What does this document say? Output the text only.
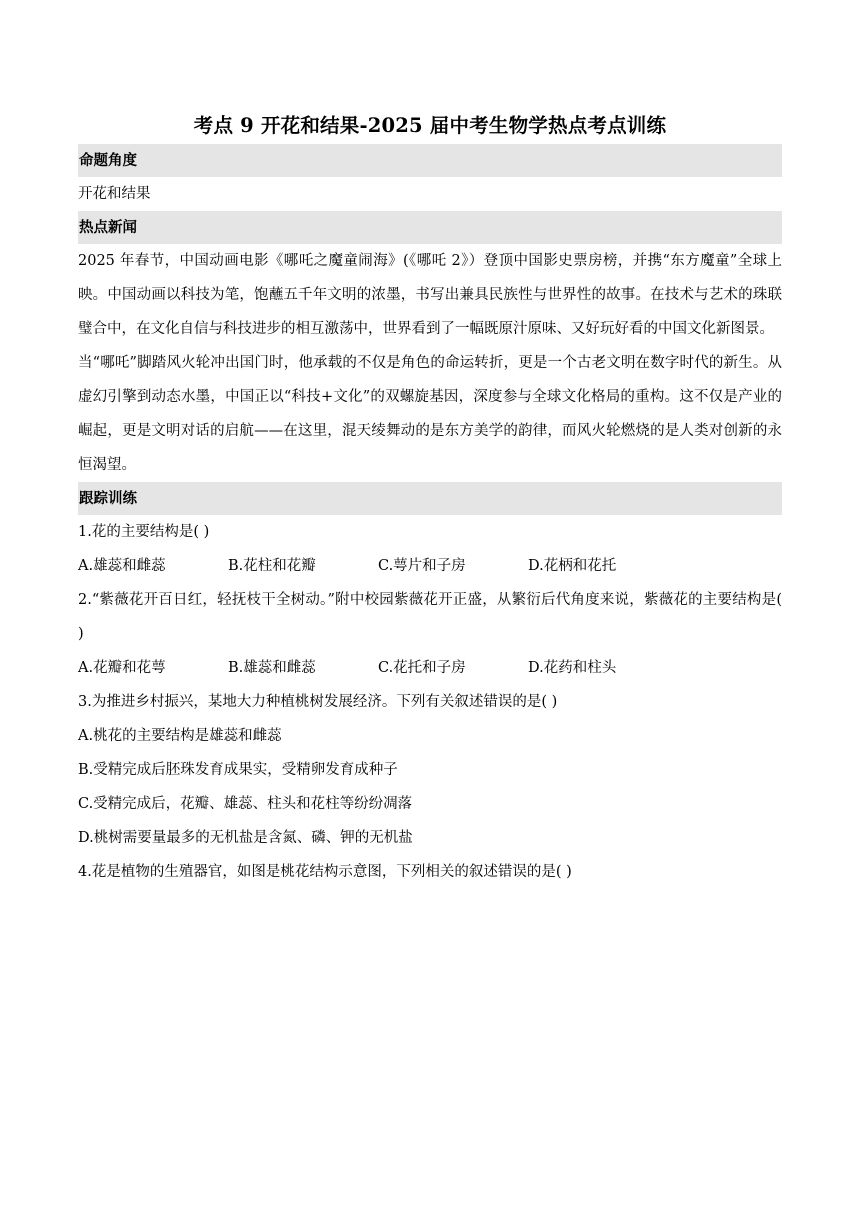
考点 9 开花和结果-2025 届中考生物学热点考点训练
命题角度
开花和结果
热点新闻
2025 年春节，中国动画电影《哪吒之魔童闹海》(《哪吒 2》）登顶中国影史票房榜，并携“东方魔童”全球上映。中国动画以科技为笔，饱蘸五千年文明的浓墨，书写出兼具民族性与世界性的故事。在技术与艺术的珠联璧合中，在文化自信与科技进步的相互激荡中，世界看到了一幅既原汁原味、又好玩好看的中国文化新图景。
当“哪吒”脚踏风火轮冲出国门时，他承载的不仅是角色的命运转折，更是一个古老文明在数字时代的新生。从虚幻引擎到动态水墨，中国正以“科技+文化”的双螺旋基因，深度参与全球文化格局的重构。这不仅是产业的崛起，更是文明对话的启航——在这里，混天绫舞动的是东方美学的韵律，而风火轮燃烧的是人类对创新的永恒渴望。
跟踪训练
1.花的主要结构是( )
A.雄蕊和雌蕊	B.花柱和花瓣	C.萼片和子房	D.花柄和花托
2.“紫薇花开百日红，轻抚枝干全树动。”附中校园紫薇花开正盛，从繁衍后代角度来说，紫薇花的主要结构是( )
A.花瓣和花萼	B.雄蕊和雌蕊	C.花托和子房	D.花药和柱头
3.为推进乡村振兴，某地大力种植桃树发展经济。下列有关叙述错误的是( )
A.桃花的主要结构是雄蕊和雌蕊
B.受精完成后胚珠发育成果实，受精卵发育成种子
C.受精完成后，花瓣、雄蕊、柱头和花柱等纷纷凋落
D.桃树需要量最多的无机盐是含氮、磷、钾的无机盐
4.花是植物的生殖器官，如图是桃花结构示意图，下列相关的叙述错误的是( )
